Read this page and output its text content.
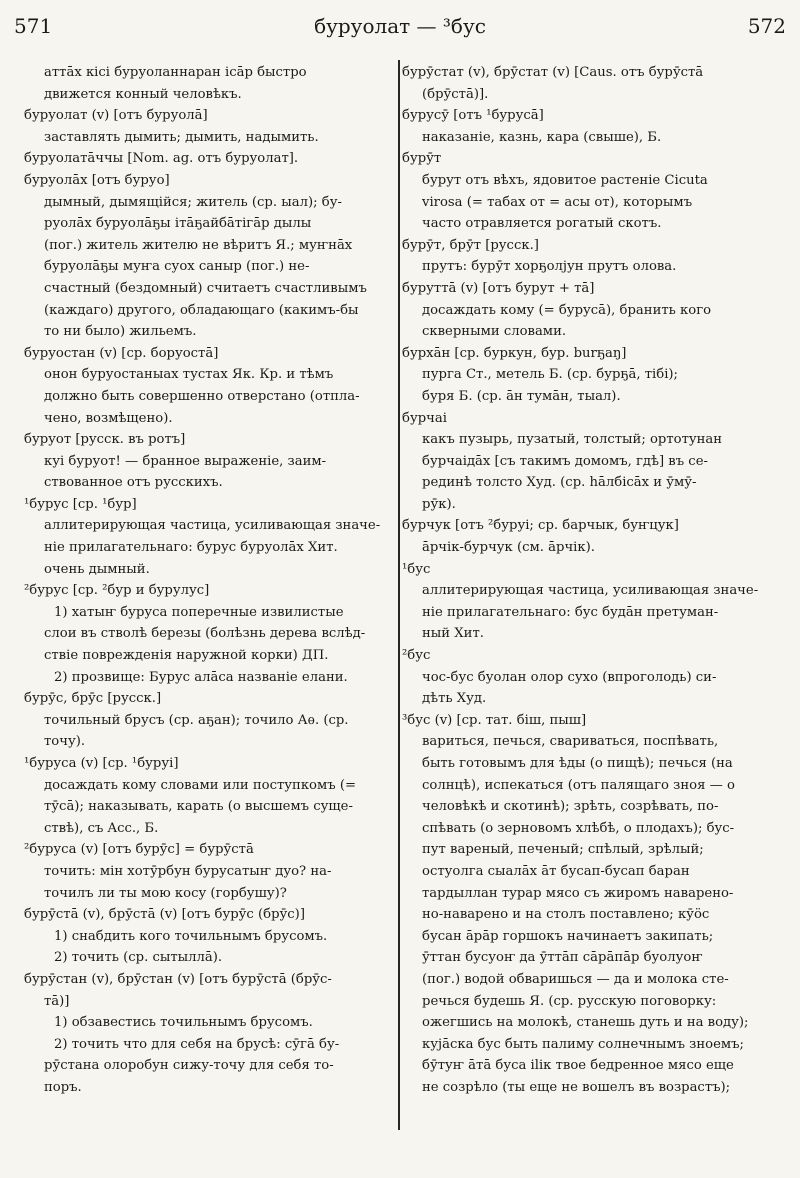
571	буруолат — ³бус	572
аттāх кісі буруоланнаран ісāр быстро
движется конный человѣкъ.
буруолат (v) [отъ буруолā]
заставлять дымить; дымить, надымить.
буруолатāччы [Nom. ag. отъ буруолат].
буруолāх [отъ буруо]
дымный, дымящійся; житель (ср. ыал); бу-
руолāх буруолāҕы ітāҕайбāтігāр дылы
(пог.) житель жителю не вѣритъ Я.; муҥнāх
буруолāҕы муҥа суох саныр (пог.) не-
счастный (бездомный) считаетъ счастливымъ
(каждаго) другого, обладающаго (какимъ-бы
то ни было) жильемъ.
буруостан (v) [ср. боруостā]
онон буруостаныах тустах Як. Кр. и тѣмъ
должно быть совершенно отверстано (отпла-
чено, возмѣщено).
буруот [русск. въ ротъ]
куі буруот! — бранное выраженіе, заим-
ствованное отъ русскихъ.
¹бурус [ср. ¹бур]
аллитерирующая частица, усиливающая значе-
ніе прилагательнаго: бурус буруолāх Хит.
очень дымный.
²бурус [ср. ²бур и бурулус]
1) хатыҥ буруса поперечные извилистые
слои въ стволѣ березы (болѣзнь дерева вслѣд-
ствіе поврежденія наружной корки) ДП.
2) прозвище: Бурус алāса названіе елани.
бурӯс, брӯс [русск.]
точильный брусъ (ср. аҕан); точило Аѳ. (ср.
точу).
¹буруса (v) [ср. ¹буруі]
досаждать кому словами или поступкомъ (=
тӯсā); наказывать, карать (о высшемъ суще-
ствѣ), съ Acc., Б.
²буруса (v) [отъ бурӯс] = бурӯстā
точить: мін хотӯрбун бурусатыҥ дуо? на-
точилъ ли ты мою косу (горбушу)?
бурӯстā (v), брӯстā (v) [отъ бурӯс (брӯс)]
1) снабдить кого точильнымъ брусомъ.
2) точить (ср. сытыллā).
бурӯстан (v), брӯстан (v) [отъ бурӯстā (брӯс-
тā)]
1) обзавестись точильнымъ брусомъ.
2) точить что для себя на брусѣ: сӯгā бу-
рӯстана олоробун сижу-точу для себя то-
поръ.
бурӯстат (v), брӯстат (v) [Caus. отъ бурӯстā
(брӯстā)].
бурусӯ [отъ ¹бурусā]
наказаніе, казнь, кара (свыше), Б.
бурӯт
бурут отъ вѣхъ, ядовитое растеніе Cicuta
virosa (= табах от = асы от), которымъ
часто отравляется рогатый скотъ.
бурӯт, брӯт [русск.]
прутъ: бурӯт хорҕолјун прутъ олова.
буруттā (v) [отъ бурут + тā]
досаждать кому (= бурусā), бранить кого
скверными словами.
бурхāн [ср. буркун, бур. burҕaŋ]
пурга Ст., метель Б. (ср. бурҕā, тібі);
буря Б. (ср. āн тумāн, тыал).
бурчаі
какъ пузырь, пузатый, толстый; ортотунан
бурчаідāх [съ такимъ домомъ, гдѣ] въ се-
рединѣ толсто Худ. (ср. hāлбісāх и ӯмӯ-
рӯк).
бурчук [отъ ²буруі; ср. барчык, буҥцук]
āрчік-бурчук (см. āрчік).
¹бус
аллитерирующая частица, усиливающая значе-
ніе прилагательнаго: бус будāн претуман-
ный Хит.
²бус
чос-бус буолан олор сухо (впроголодь) си-
дѣть Худ.
³бус (v) [ср. тат. біш, пыш]
вариться, печься, свариваться, поспѣвать,
быть готовымъ для ѣды (о пищѣ); печься (на
солнцѣ), испекаться (отъ палящаго зноя — о
человѣкѣ и скотинѣ); зрѣть, созрѣвать, по-
спѣвать (о зерновомъ хлѣбѣ, о плодахъ); бус-
пут вареный, печеный; спѣлый, зрѣлый;
остуолга сыалāх āт бусап-бусап баран
тардыллан турар мясо съ жиромъ наварено-
но-наварено и на столъ поставлено; кӯӧс
бусан āрāр горшокъ начинаетъ закипать;
ӯттан бусуоҥ да ӯттāп сāрāпāр буолуоҥ
(пог.) водой обваришься — да и молока сте-
речься будешь Я. (ср. русскую поговорку:
ожегшись на молокѣ, станешь дуть и на воду);
кујāска бус быть палиму солнечнымъ зноемъ;
бӯтуҥ āтā буса іlік твое бедренное мясо еще
не созрѣло (ты еще не вошелъ въ возрастъ);
